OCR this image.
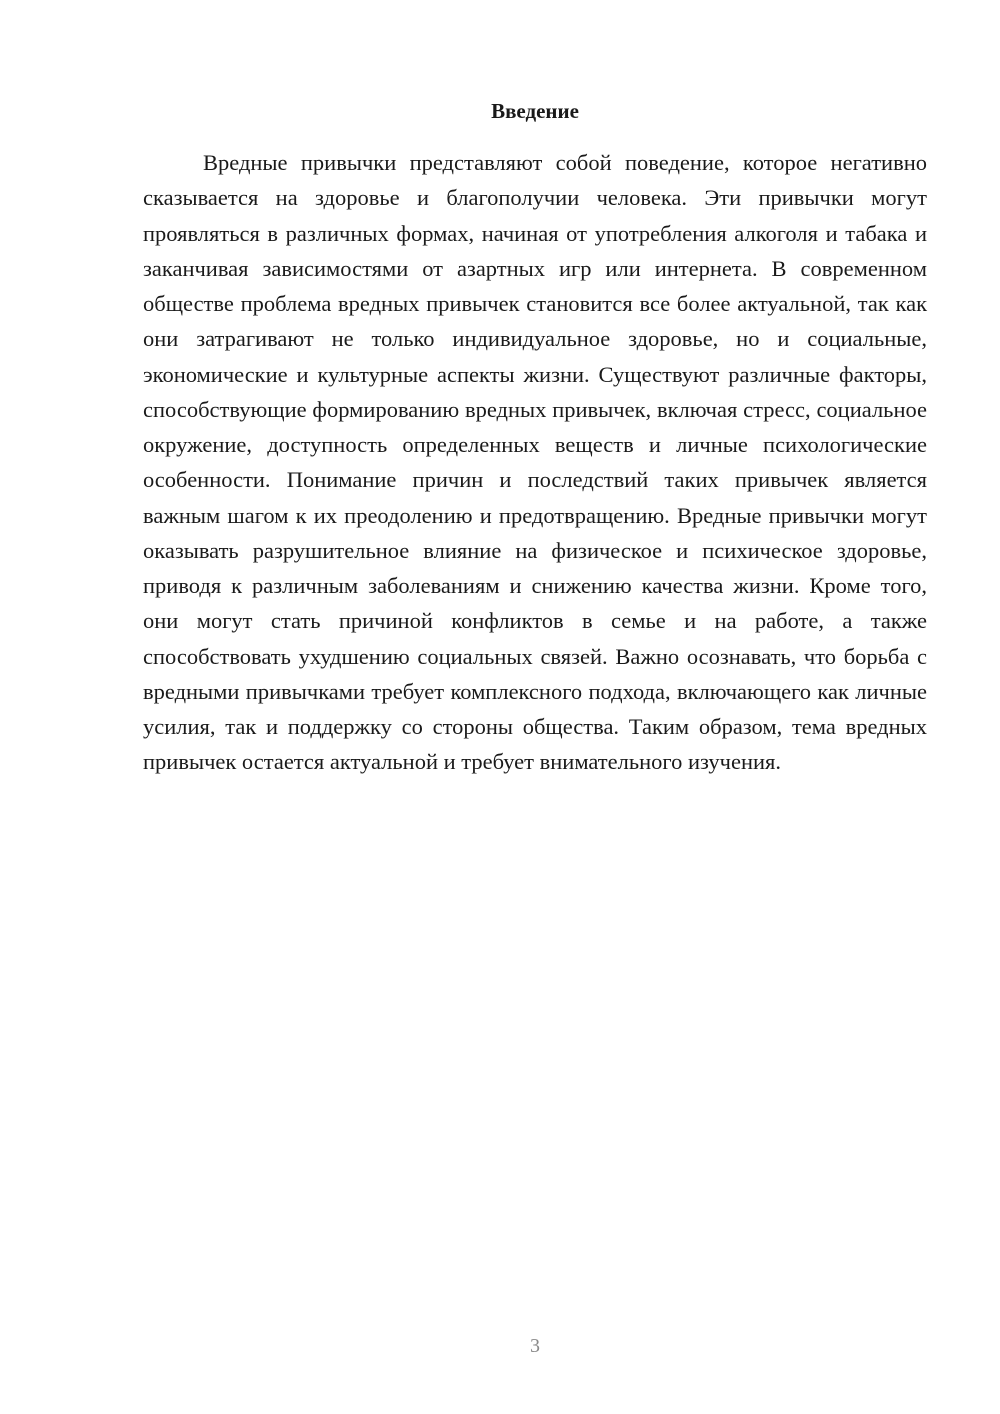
Введение

Вредные привычки представляют собой поведение, которое негативно сказывается на здоровье и благополучии человека. Эти привычки могут проявляться в различных формах, начиная от употребления алкоголя и табака и заканчивая зависимостями от азартных игр или интернета. В современном обществе проблема вредных привычек становится все более актуальной, так как они затрагивают не только индивидуальное здоровье, но и социальные, экономические и культурные аспекты жизни. Существуют различные факторы, способствующие формированию вредных привычек, включая стресс, социальное окружение, доступность определенных веществ и личные психологические особенности. Понимание причин и последствий таких привычек является важным шагом к их преодолению и предотвращению. Вредные привычки могут оказывать разрушительное влияние на физическое и психическое здоровье, приводя к различным заболеваниям и снижению качества жизни. Кроме того, они могут стать причиной конфликтов в семье и на работе, а также способствовать ухудшению социальных связей. Важно осознавать, что борьба с вредными привычками требует комплексного подхода, включающего как личные усилия, так и поддержку со стороны общества. Таким образом, тема вредных привычек остается актуальной и требует внимательного изучения.

3
